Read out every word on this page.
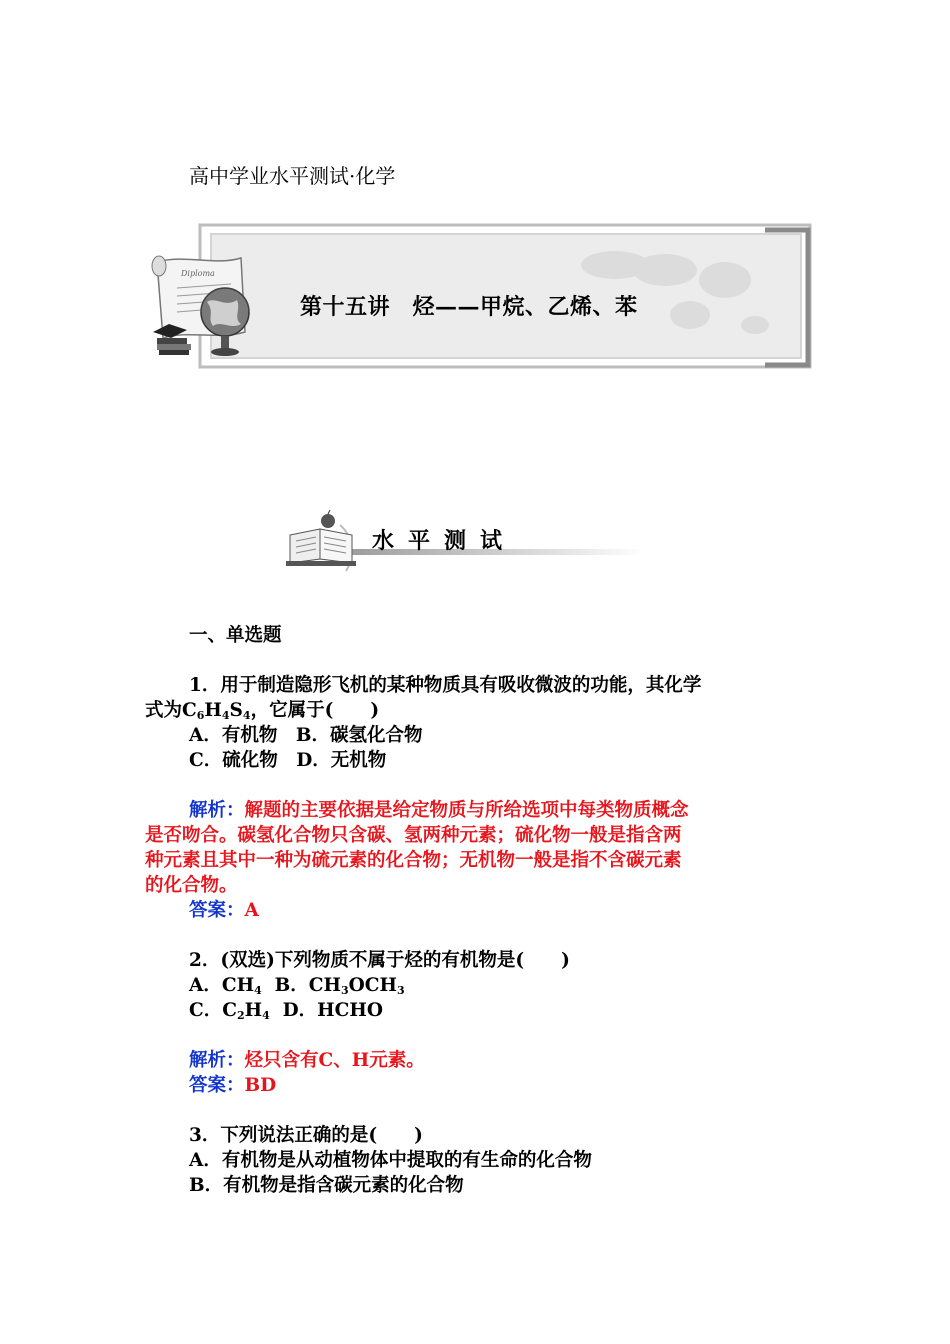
高中学业水平测试·化学
Diploma
第十五讲　烃——甲烷、乙烯、苯
水平测试

一、单选题

1．用于制造隐形飞机的某种物质具有吸收微波的功能，其化学

式为$C_6H_4S_4$，它属于(　　)

A．有机物　B．碳氢化合物

C．硫化物　D．无机物

解析：解题的主要依据是给定物质与所给选项中每类物质概念

是否吻合。碳氢化合物只含碳、氢两种元素；硫化物一般是指含两

种元素且其中一种为硫元素的化合物；无机物一般是指不含碳元素

的化合物。

答案：A

2．(双选)下列物质不属于烃的有机物是(　　)

A．$CH_4$  B．$CH_3OCH_3$

C．$C_2H_4$  D．HCHO

解析：烃只含有C、H元素。

答案：BD

3．下列说法正确的是(　　)

A．有机物是从动植物体中提取的有生命的化合物

B．有机物是指含碳元素的化合物
